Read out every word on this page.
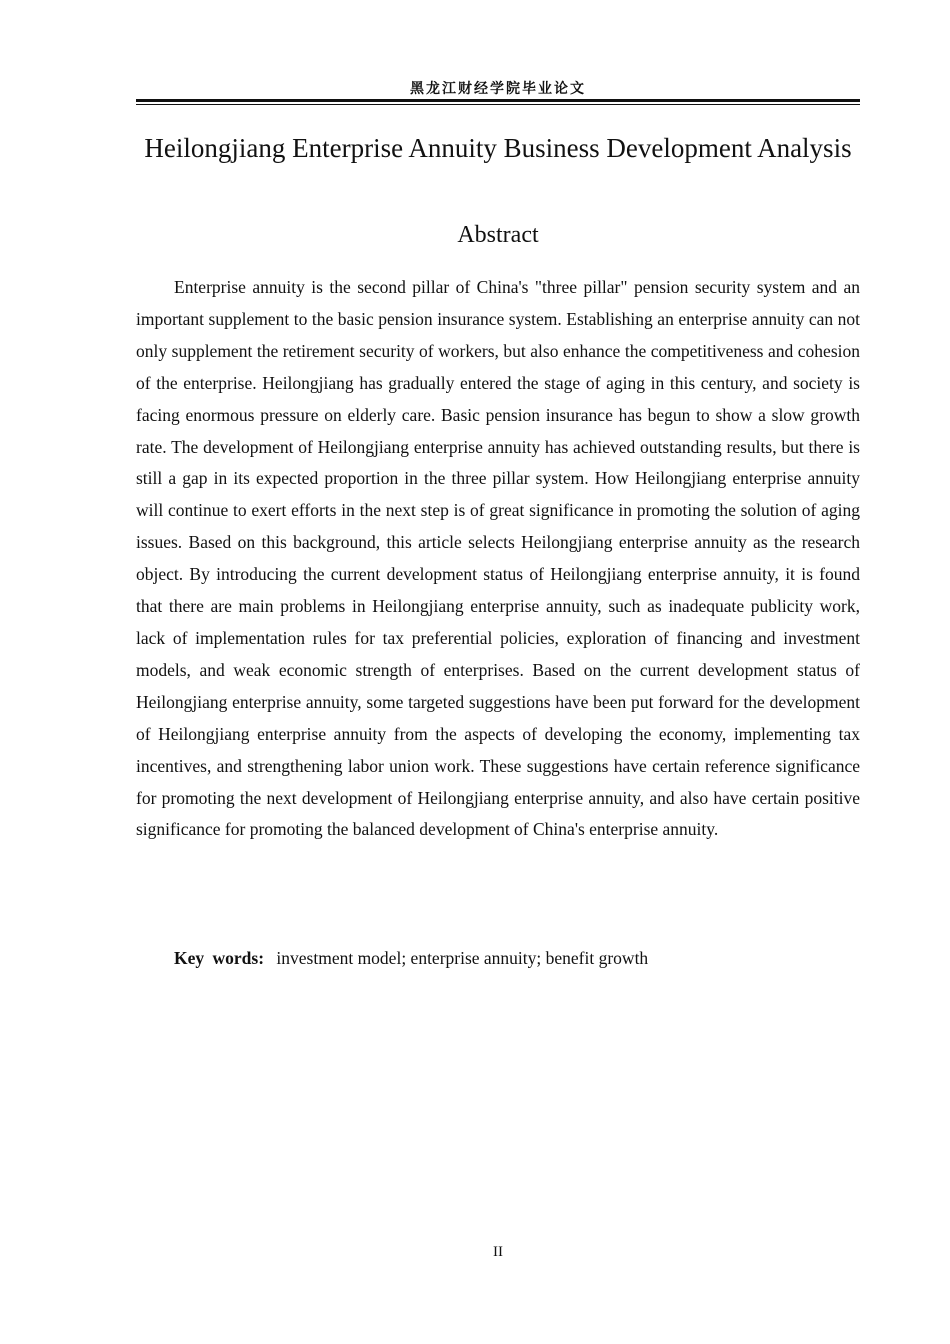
黑龙江财经学院毕业论文
Heilongjiang Enterprise Annuity Business Development Analysis
Abstract

Enterprise annuity is the second pillar of China's "three pillar" pension security system and an important supplement to the basic pension insurance system. Establishing an enterprise annuity can not only supplement the retirement security of workers, but also enhance the competitiveness and cohesion of the enterprise. Heilongjiang has gradually entered the stage of aging in this century, and society is facing enormous pressure on elderly care. Basic pension insurance has begun to show a slow growth rate. The development of Heilongjiang enterprise annuity has achieved outstanding results, but there is still a gap in its expected proportion in the three pillar system. How Heilongjiang enterprise annuity will continue to exert efforts in the next step is of great significance in promoting the solution of aging issues. Based on this background, this article selects Heilongjiang enterprise annuity as the research object. By introducing the current development status of Heilongjiang enterprise annuity, it is found that there are main problems in Heilongjiang enterprise annuity, such as inadequate publicity work, lack of implementation rules for tax preferential policies, exploration of financing and investment models, and weak economic strength of enterprises. Based on the current development status of Heilongjiang enterprise annuity, some targeted suggestions have been put forward for the development of Heilongjiang enterprise annuity from the aspects of developing the economy, implementing tax incentives, and strengthening labor union work. These suggestions have certain reference significance for promoting the next development of Heilongjiang enterprise annuity, and also have certain positive significance for promoting the balanced development of China's enterprise annuity.

Key words: investment model; enterprise annuity; benefit growth
II
